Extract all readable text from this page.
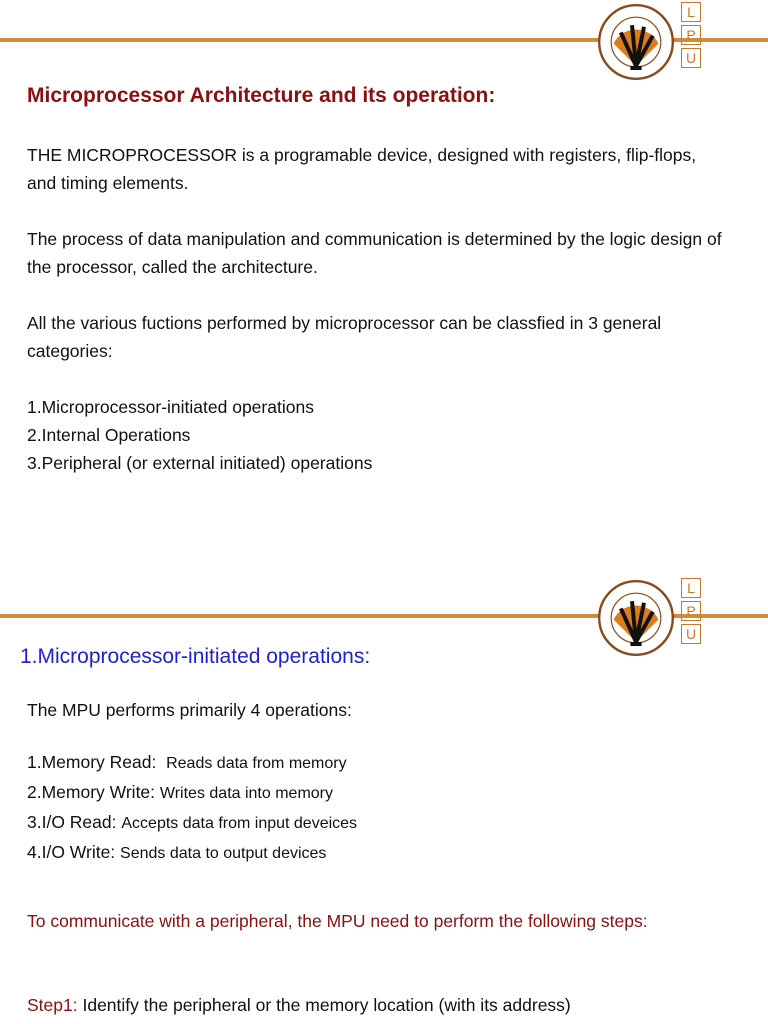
L
P
U
Microprocessor Architecture and its operation:

THE MICROPROCESSOR is a programable device, designed with registers, flip-flops, and timing elements.

The process of data manipulation and communication is determined by the logic design of the processor, called the architecture.

All the various fuctions performed by microprocessor can be classfied in 3 general categories:

1.Microprocessor-initiated operations

2.Internal Operations

3.Peripheral (or external initiated) operations

L
P
U
1.Microprocessor-initiated operations:

The MPU performs primarily 4 operations:

1.Memory Read: Reads data from memory

2.Memory Write: Writes data into memory

3.I/O Read: Accepts data from input deveices

4.I/O Write: Sends data to output devices

To communicate with a peripheral, the MPU need to perform the following steps:

Step1: Identify the peripheral or the memory location (with its address)
